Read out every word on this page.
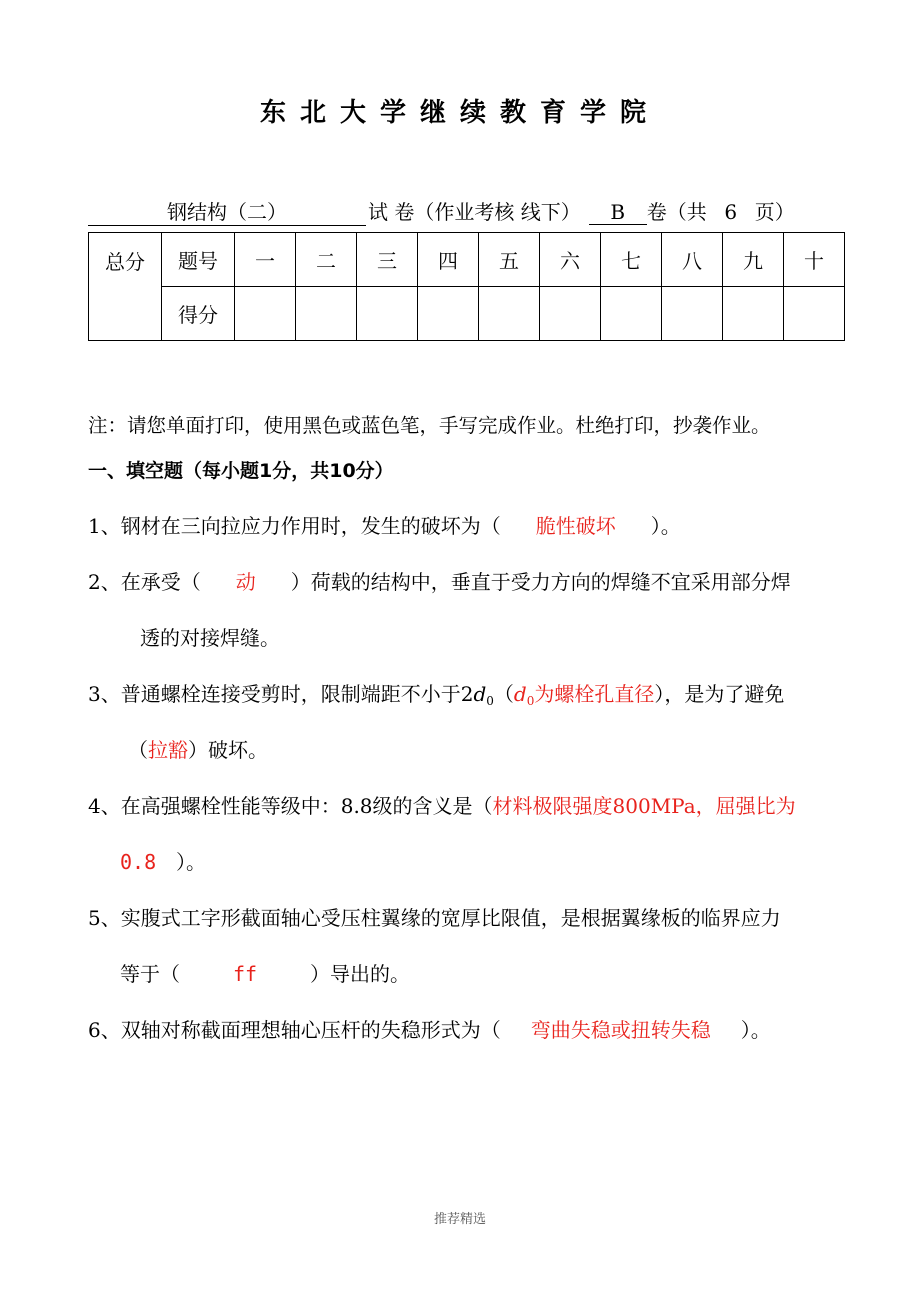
东北大学继续教育学院
钢结构（二）	试 卷（作业考核 线下） B 卷（共 6 页）
总分	题号	一	二	三	四	五	六	七	八	九	十
	得分										
注：请您单面打印，使用黑色或蓝色笔，手写完成作业。杜绝打印，抄袭作业。
一、填空题（每小题1分，共10分）
1、钢材在三向拉应力作用时，发生的破坏为（ 脆性破坏 ）。
2、在承受（ 动 ）荷载的结构中，垂直于受力方向的焊缝不宜采用部分焊
透的对接焊缝。
3、普通螺栓连接受剪时，限制端距不小于$2d_0(d_0$为螺栓孔直径），是为了避免
（拉豁）破坏。
4、在高强螺栓性能等级中：8.8级的含义是（材料极限强度800MPa，屈强比为
0.8 ）。
5、实腹式工字形截面轴心受压柱翼缘的宽厚比限值，是根据翼缘板的临界应力
等于（	ff	）导出的。
6、双轴对称截面理想轴心压杆的失稳形式为（ 弯曲失稳或扭转失稳 ）。
推荐精选
